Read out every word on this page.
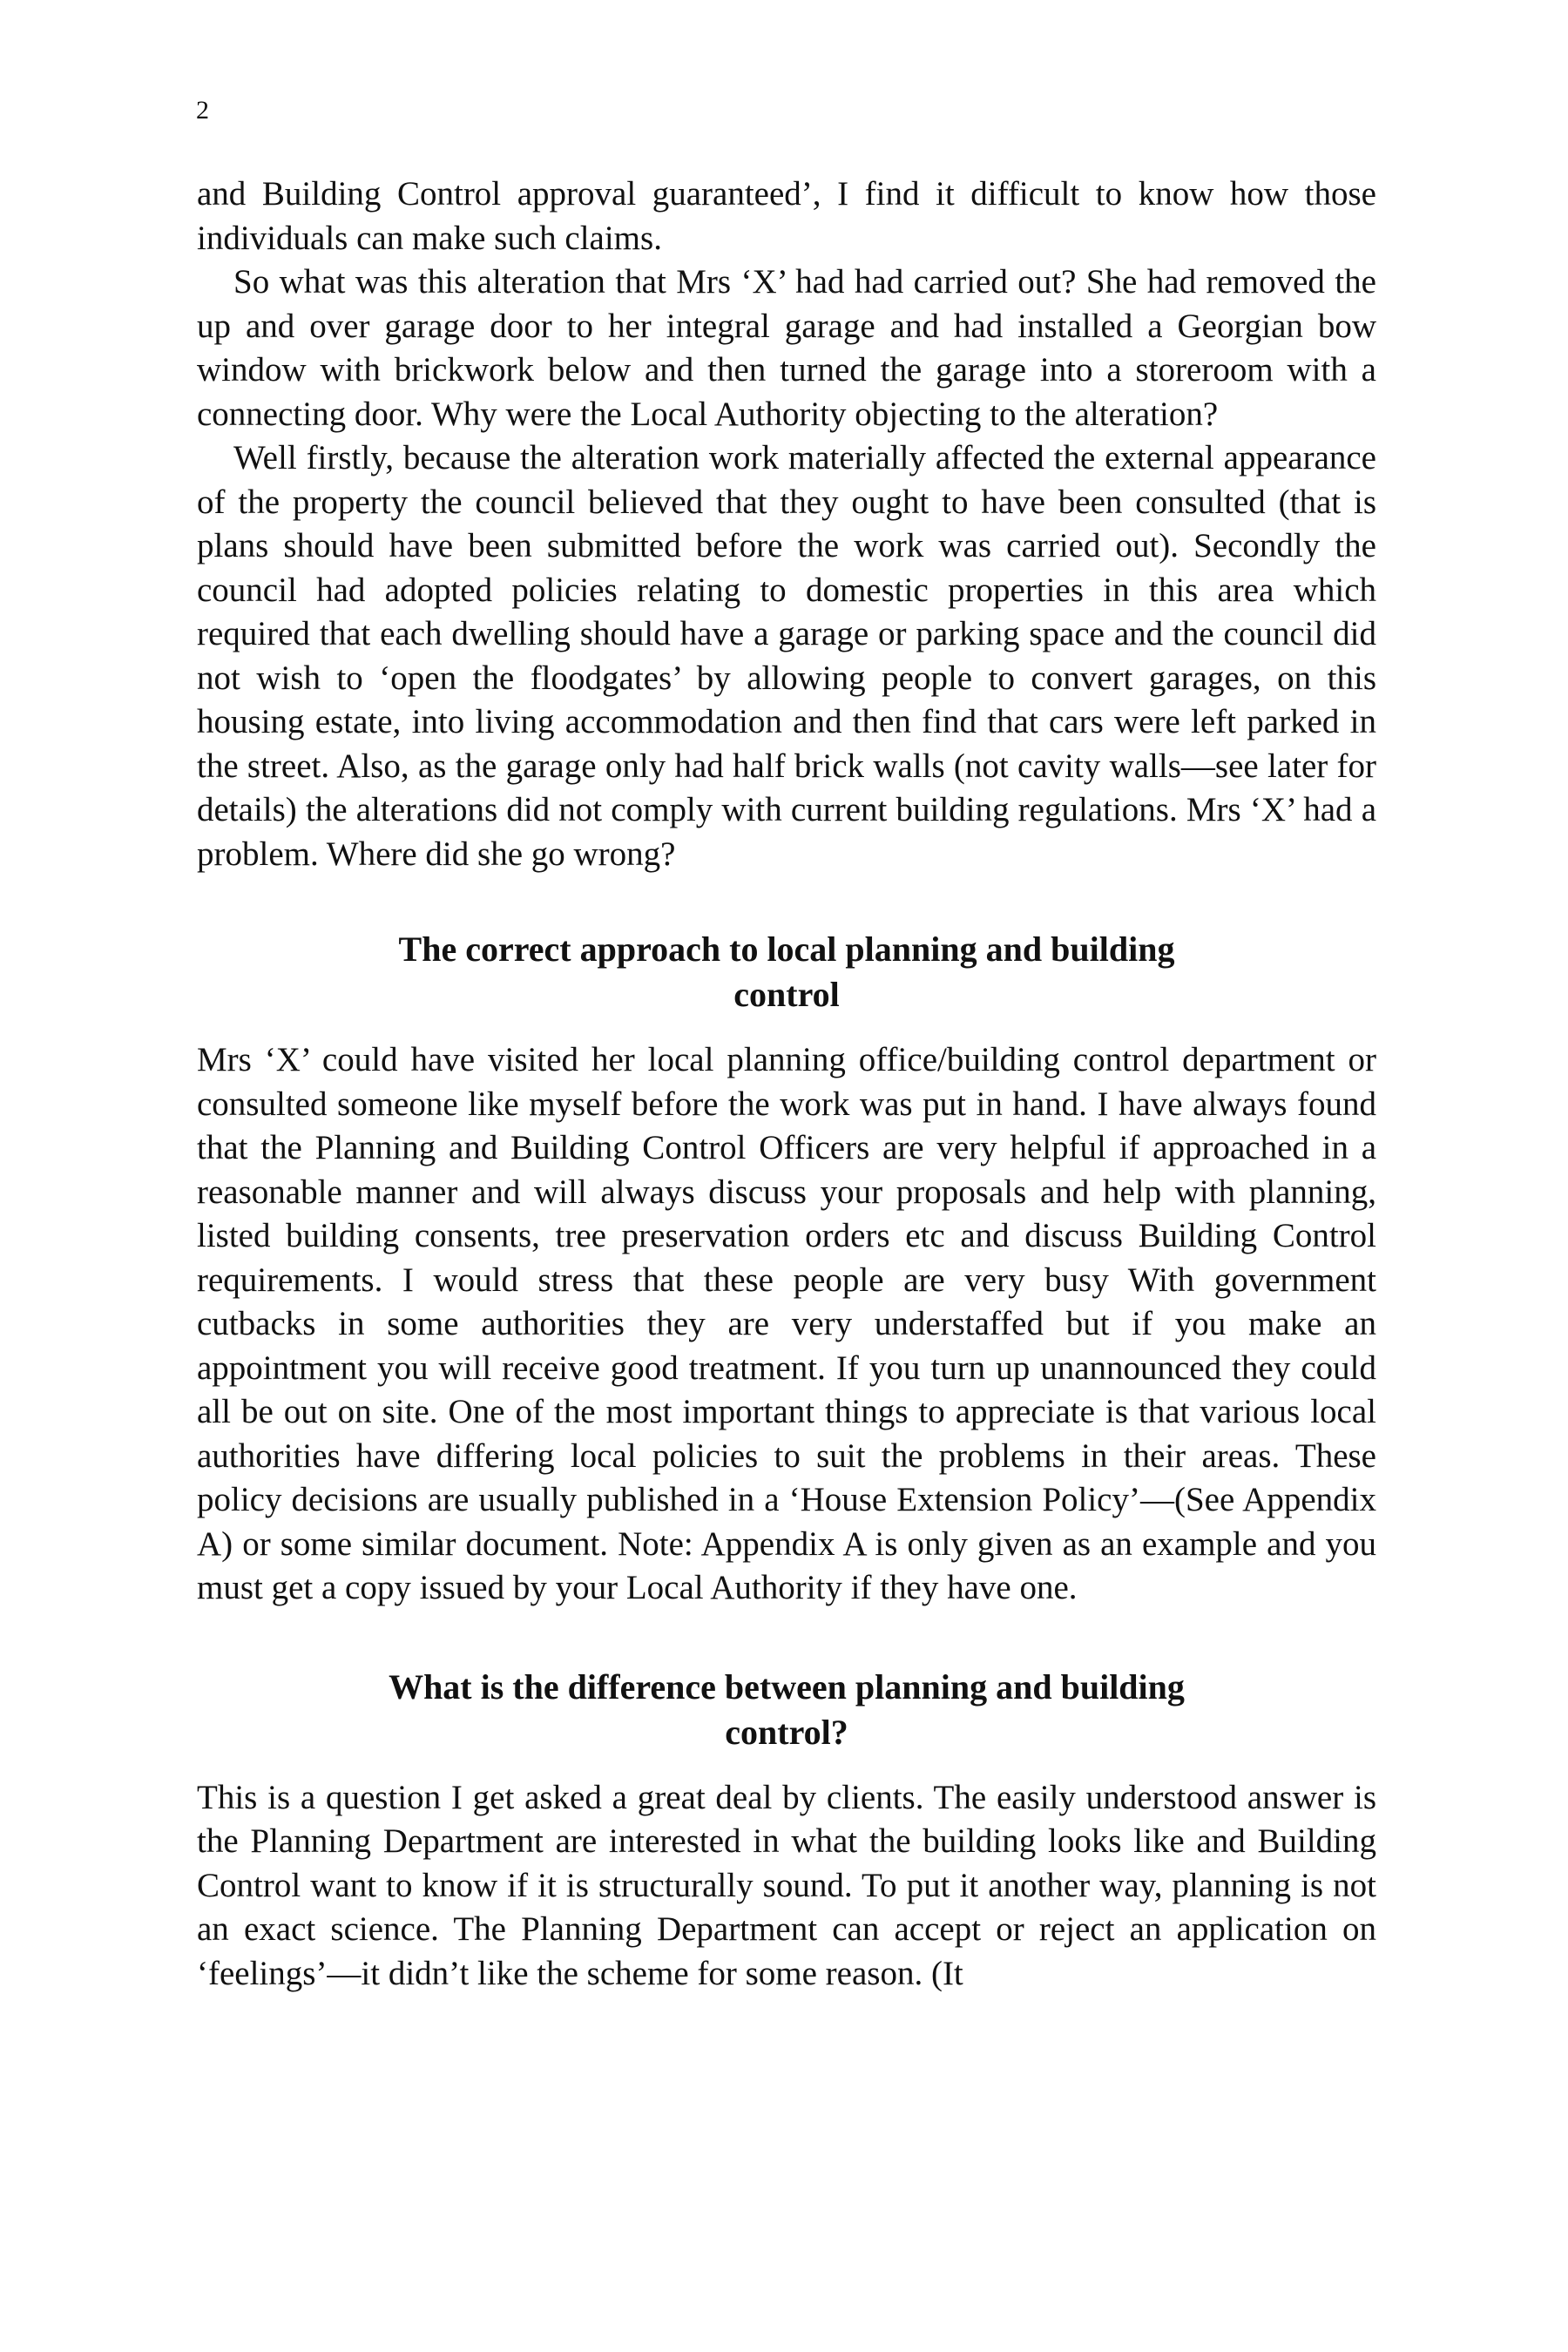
2

and Building Control approval guaranteed’, I find it difficult to know how those individuals can make such claims.

So what was this alteration that Mrs ‘X’ had had carried out? She had removed the up and over garage door to her integral garage and had installed a Georgian bow window with brickwork below and then turned the garage into a storeroom with a connecting door. Why were the Local Authority objecting to the alteration?

Well firstly, because the alteration work materially affected the external appearance of the property the council believed that they ought to have been consulted (that is plans should have been submitted before the work was carried out). Secondly the council had adopted policies relating to domestic properties in this area which required that each dwelling should have a garage or parking space and the council did not wish to ‘open the floodgates’ by allowing people to convert garages, on this housing estate, into living accommodation and then find that cars were left parked in the street. Also, as the garage only had half brick walls (not cavity walls—see later for details) the alterations did not comply with current building regulations. Mrs ‘X’ had a problem. Where did she go wrong?

The correct approach to local planning and building
control

Mrs ‘X’ could have visited her local planning office/building control department or consulted someone like myself before the work was put in hand. I have always found that the Planning and Building Control Officers are very helpful if approached in a reasonable manner and will always discuss your proposals and help with planning, listed building consents, tree preservation orders etc and discuss Building Control requirements. I would stress that these people are very busy With government cutbacks in some authorities they are very understaffed but if you make an appointment you will receive good treatment. If you turn up unannounced they could all be out on site. One of the most important things to appreciate is that various local authorities have differing local policies to suit the problems in their areas. These policy decisions are usually published in a ‘House Extension Policy’—(See Appendix A) or some similar document. Note: Appendix A is only given as an example and you must get a copy issued by your Local Authority if they have one.

What is the difference between planning and building
control?

This is a question I get asked a great deal by clients. The easily understood answer is the Planning Department are interested in what the building looks like and Building Control want to know if it is structurally sound. To put it another way, planning is not an exact science. The Planning Department can accept or reject an application on ‘feelings’—it didn’t like the scheme for some reason. (It
